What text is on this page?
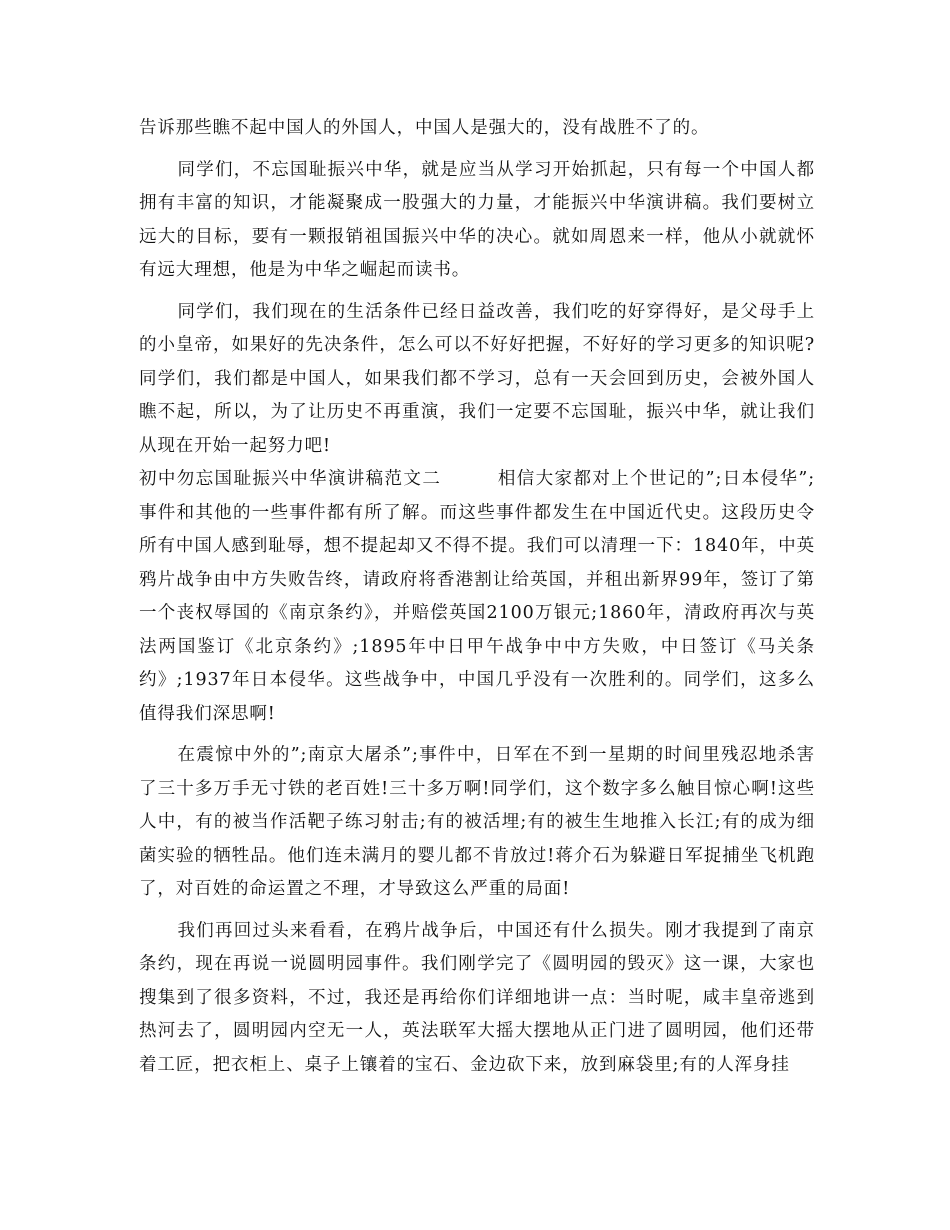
告诉那些瞧不起中国人的外国人，中国人是强大的，没有战胜不了的。

同学们，不忘国耻振兴中华，就是应当从学习开始抓起，只有每一个中国人都拥有丰富的知识，才能凝聚成一股强大的力量，才能振兴中华演讲稿。我们要树立远大的目标，要有一颗报销祖国振兴中华的决心。就如周恩来一样，他从小就就怀有远大理想，他是为中华之崛起而读书。

同学们，我们现在的生活条件已经日益改善，我们吃的好穿得好，是父母手上的小皇帝，如果好的先决条件，怎么可以不好好把握，不好好的学习更多的知识呢?同学们，我们都是中国人，如果我们都不学习，总有一天会回到历史，会被外国人瞧不起，所以，为了让历史不再重演，我们一定要不忘国耻，振兴中华，就让我们从现在开始一起努力吧!

初中勿忘国耻振兴中华演讲稿范文二　　　	相信大家都对上个世记的”;日本侵华”;事件和其他的一些事件都有所了解。而这些事件都发生在中国近代史。这段历史令所有中国人感到耻辱，想不提起却又不得不提。我们可以清理一下：1840年，中英鸦片战争由中方失败告终，请政府将香港割让给英国，并租出新界99年，签订了第一个丧权辱国的《南京条约》，并赔偿英国2100万银元;1860年，清政府再次与英法两国鉴订《北京条约》;1895年中日甲午战争中中方失败，中日签订《马关条约》;1937年日本侵华。这些战争中，中国几乎没有一次胜利的。同学们，这多么值得我们深思啊!

在震惊中外的”;南京大屠杀”;事件中，日军在不到一星期的时间里残忍地杀害了三十多万手无寸铁的老百姓!三十多万啊!同学们，这个数字多么触目惊心啊!这些人中，有的被当作活靶子练习射击;有的被活埋;有的被生生地推入长江;有的成为细菌实验的牺牲品。他们连未满月的婴儿都不肯放过!蒋介石为躲避日军捉捕坐飞机跑了，对百姓的命运置之不理，才导致这么严重的局面!

我们再回过头来看看，在鸦片战争后，中国还有什么损失。刚才我提到了南京条约，现在再说一说圆明园事件。我们刚学完了《圆明园的毁灭》这一课，大家也搜集到了很多资料，不过，我还是再给你们详细地讲一点：当时呢，咸丰皇帝逃到热河去了，圆明园内空无一人，英法联军大摇大摆地从正门进了圆明园，他们还带着工匠，把衣柜上、桌子上镶着的宝石、金边砍下来，放到麻袋里;有的人浑身挂
